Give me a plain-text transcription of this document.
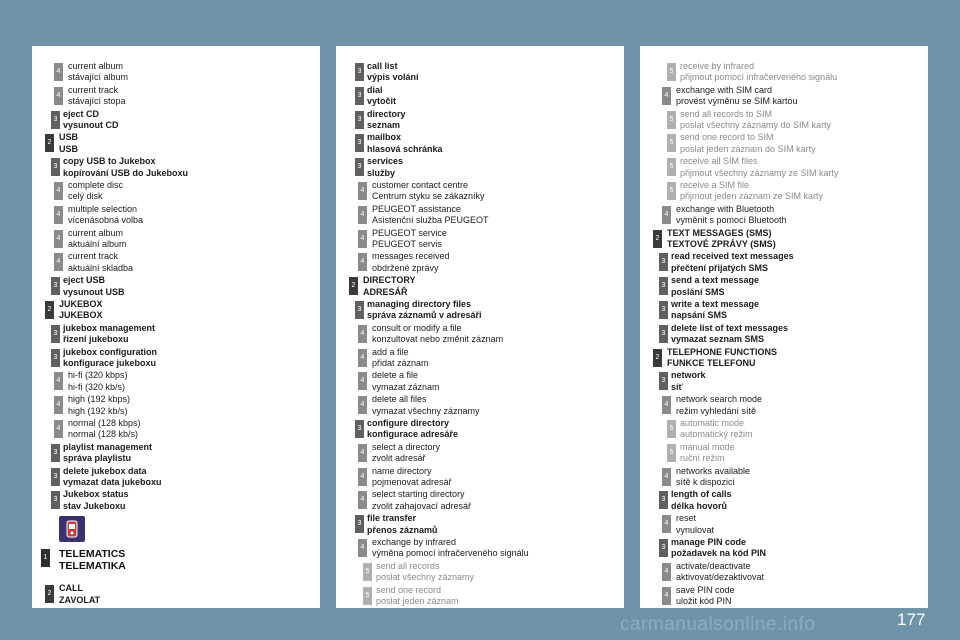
4
current album
stávající album
4
current track
stávající stopa
3
eject CD
vysunout CD
2
USB
USB
3
copy USB to Jukebox
kopírování USB do Jukeboxu
4
complete disc
celý disk
4
multiple selection
vícenásobná volba
4
current album
aktuální album
4
current track
aktuální skladba
3
eject USB
vysunout USB
2
JUKEBOX
JUKEBOX
3
jukebox management
řízení jukeboxu
3
jukebox configuration
konfigurace jukeboxu
4
hi-fi (320 kbps)
hi-fi (320 kb/s)
4
high (192 kbps)
high (192 kb/s)
4
normal (128 kbps)
normal (128 kb/s)
3
playlist management
správa playlistu
3
delete jukebox data
vymazat data jukeboxu
3
Jukebox status
stav Jukeboxu
1 TELEMATICS
TELEMATIKA
2
CALL
ZAVOLAT
3
call list
výpis volání
3
dial
vytočit
3
directory
seznam
3
mailbox
hlasová schránka
3
services
služby
4
customer contact centre
Centrum styku se zákazníky
4
PEUGEOT assistance
Asistenční služba PEUGEOT
4
PEUGEOT service
PEUGEOT servis
4
messages received
obdržené zprávy
2
DIRECTORY
ADRESÁŘ
3
managing directory files
správa záznamů v adresáři
4
consult or modify a file
konzultovat nebo změnit záznam
4
add a file
přidat záznam
4
delete a file
vymazat záznam
4
delete all files
vymazat všechny záznamy
3
configure directory
konfigurace adresáře
4
select a directory
zvolit adresář
4
name directory
pojmenovat adresář
4
select starting directory
zvolit zahajovací adresář
3
file transfer
přenos záznamů
4
exchange by infrared
výměna pomocí infračerveného signálu
5
send all records
poslat všechny záznamy
5
send one record
poslat jeden záznam
5
receive by infrared
přijmout pomocí infračerveného signálu
4
exchange with SIM card
provést výměnu se SIM kartou
5
send all records to SIM
poslat všechny záznamy do SIM karty
5
send one record to SIM
poslat jeden záznam do SIM karty
5
receive all SIM files
přijmout všechny záznamy ze SIM karty
5
receive a SIM file
přijmout jeden záznam ze SIM karty
4
exchange with Bluetooth
vyměnit s pomocí Bluetooth
2
TEXT MESSAGES (SMS)
TEXTOVÉ ZPRÁVY (SMS)
3
read received text messages
přečtení přijatých SMS
3
send a text message
poslání SMS
3
write a text message
napsání SMS
3
delete list of text messages
vymazat seznam SMS
2
TELEPHONE FUNCTIONS
FUNKCE TELEFONU
3
network
síť
4
network search mode
režim vyhledání sítě
5
automatic mode
automatický režim
5
manual mode
ruční režim
4
networks available
sítě k dispozici
3
length of calls
délka hovorů
4
reset
vynulovat
3
manage PIN code
požadavek na kód PIN
4
activate/deactivate
aktivovat/dezaktivovat
4
save PIN code
uložit kód PIN
carmanualsonline.info	177
